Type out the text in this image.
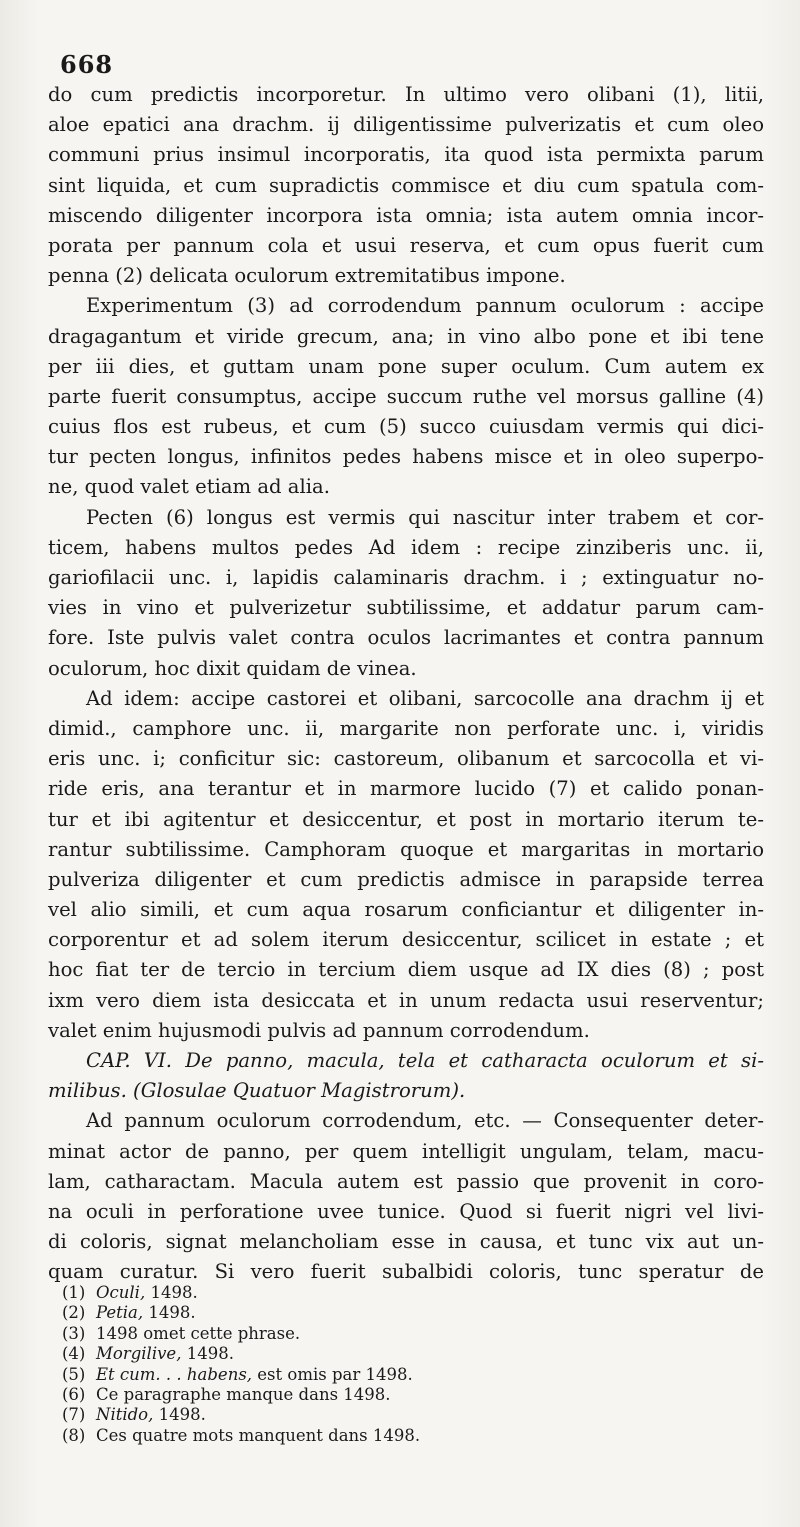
668
do cum predictis incorporetur. In ultimo vero olibani (1), litii,
aloe epatici ana drachm. ij diligentissime pulverizatis et cum oleo
communi prius insimul incorporatis, ita quod ista permixta parum
sint liquida, et cum supradictis commisce et diu cum spatula com-
miscendo diligenter incorpora ista omnia; ista autem omnia incor-
porata per pannum cola et usui reserva, et cum opus fuerit cum
penna (2) delicata oculorum extremitatibus impone.
Experimentum (3) ad corrodendum pannum oculorum : accipe
dragagantum et viride grecum, ana; in vino albo pone et ibi tene
per iii dies, et guttam unam pone super oculum. Cum autem ex
parte fuerit consumptus, accipe succum ruthe vel morsus galline (4)
cuius flos est rubeus, et cum (5) succo cuiusdam vermis qui dici-
tur pecten longus, infinitos pedes habens misce et in oleo superpo-
ne, quod valet etiam ad alia.
Pecten (6) longus est vermis qui nascitur inter trabem et cor-
ticem, habens multos pedes Ad idem : recipe zinziberis unc. ii,
gariofilacii unc. i, lapidis calaminaris drachm. i ; extinguatur no-
vies in vino et pulverizetur subtilissime, et addatur parum cam-
fore. Iste pulvis valet contra oculos lacrimantes et contra pannum
oculorum, hoc dixit quidam de vinea.
Ad idem: accipe castorei et olibani, sarcocolle ana drachm ij et
dimid., camphore unc. ii, margarite non perforate unc. i, viridis
eris unc. i; conficitur sic: castoreum, olibanum et sarcocolla et vi-
ride eris, ana terantur et in marmore lucido (7) et calido ponan-
tur et ibi agitentur et desiccentur, et post in mortario iterum te-
rantur subtilissime. Camphoram quoque et margaritas in mortario
pulveriza diligenter et cum predictis admisce in parapside terrea
vel alio simili, et cum aqua rosarum conficiantur et diligenter in-
corporentur et ad solem iterum desiccentur, scilicet in estate ; et
hoc fiat ter de tercio in tercium diem usque ad IX dies (8) ; post
ixm vero diem ista desiccata et in unum redacta usui reserventur;
valet enim hujusmodi pulvis ad pannum corrodendum.
CAP. VI. De panno, macula, tela et catharacta oculorum et si-
milibus. (Glosulae Quatuor Magistrorum).
Ad pannum oculorum corrodendum, etc. — Consequenter deter-
minat actor de panno, per quem intelligit ungulam, telam, macu-
lam, catharactam. Macula autem est passio que provenit in coro-
na oculi in perforatione uvee tunice. Quod si fuerit nigri vel livi-
di coloris, signat melancholiam esse in causa, et tunc vix aut un-
quam curatur. Si vero fuerit subalbidi coloris, tunc speratur de
(1) Oculi, 1498.
(2) Petia, 1498.
(3) 1498 omet cette phrase.
(4) Morgilive, 1498.
(5) Et cum. . . habens, est omis par 1498.
(6) Ce paragraphe manque dans 1498.
(7) Nitido, 1498.
(8) Ces quatre mots manquent dans 1498.
